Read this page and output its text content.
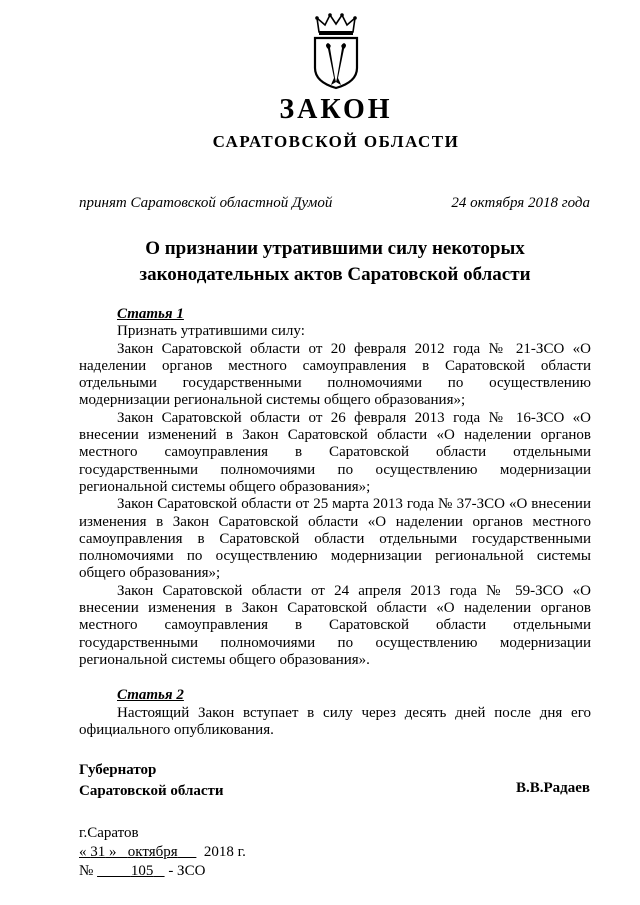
ЗАКОН
САРАТОВСКОЙ ОБЛАСТИ
принят Саратовской областной Думой	24 октября 2018 года
О признании утратившими силу некоторых
законодательных актов Саратовской области
Статья 1

Признать утратившими силу:

Закон Саратовской области от 20 февраля 2012 года № 21-ЗСО «О наделении органов местного самоуправления в Саратовской области отдельными государственными полномочиями по осуществлению модернизации региональной системы общего образования»;

Закон Саратовской области от 26 февраля 2013 года № 16-ЗСО «О внесении изменений в Закон Саратовской области «О наделении органов местного самоуправления в Саратовской области отдельными государственными полномочиями по осуществлению модернизации региональной системы общего образования»;

Закон Саратовской области от 25 марта 2013 года № 37-ЗСО «О внесении изменения в Закон Саратовской области «О наделении органов местного самоуправления в Саратовской области отдельными государственными полномочиями по осуществлению модернизации региональной системы общего образования»;

Закон Саратовской области от 24 апреля 2013 года № 59-ЗСО «О внесении изменения в Закон Саратовской области «О наделении органов местного самоуправления в Саратовской области отдельными государственными полномочиями по осуществлению модернизации региональной системы общего образования».

Статья 2

Настоящий Закон вступает в силу через десять дней после дня его официального опубликования.

Губернатор
Саратовской области	В.В.Радаев
г.Саратов
« 31 » октября 2018 г.
№	105 - ЗСО
